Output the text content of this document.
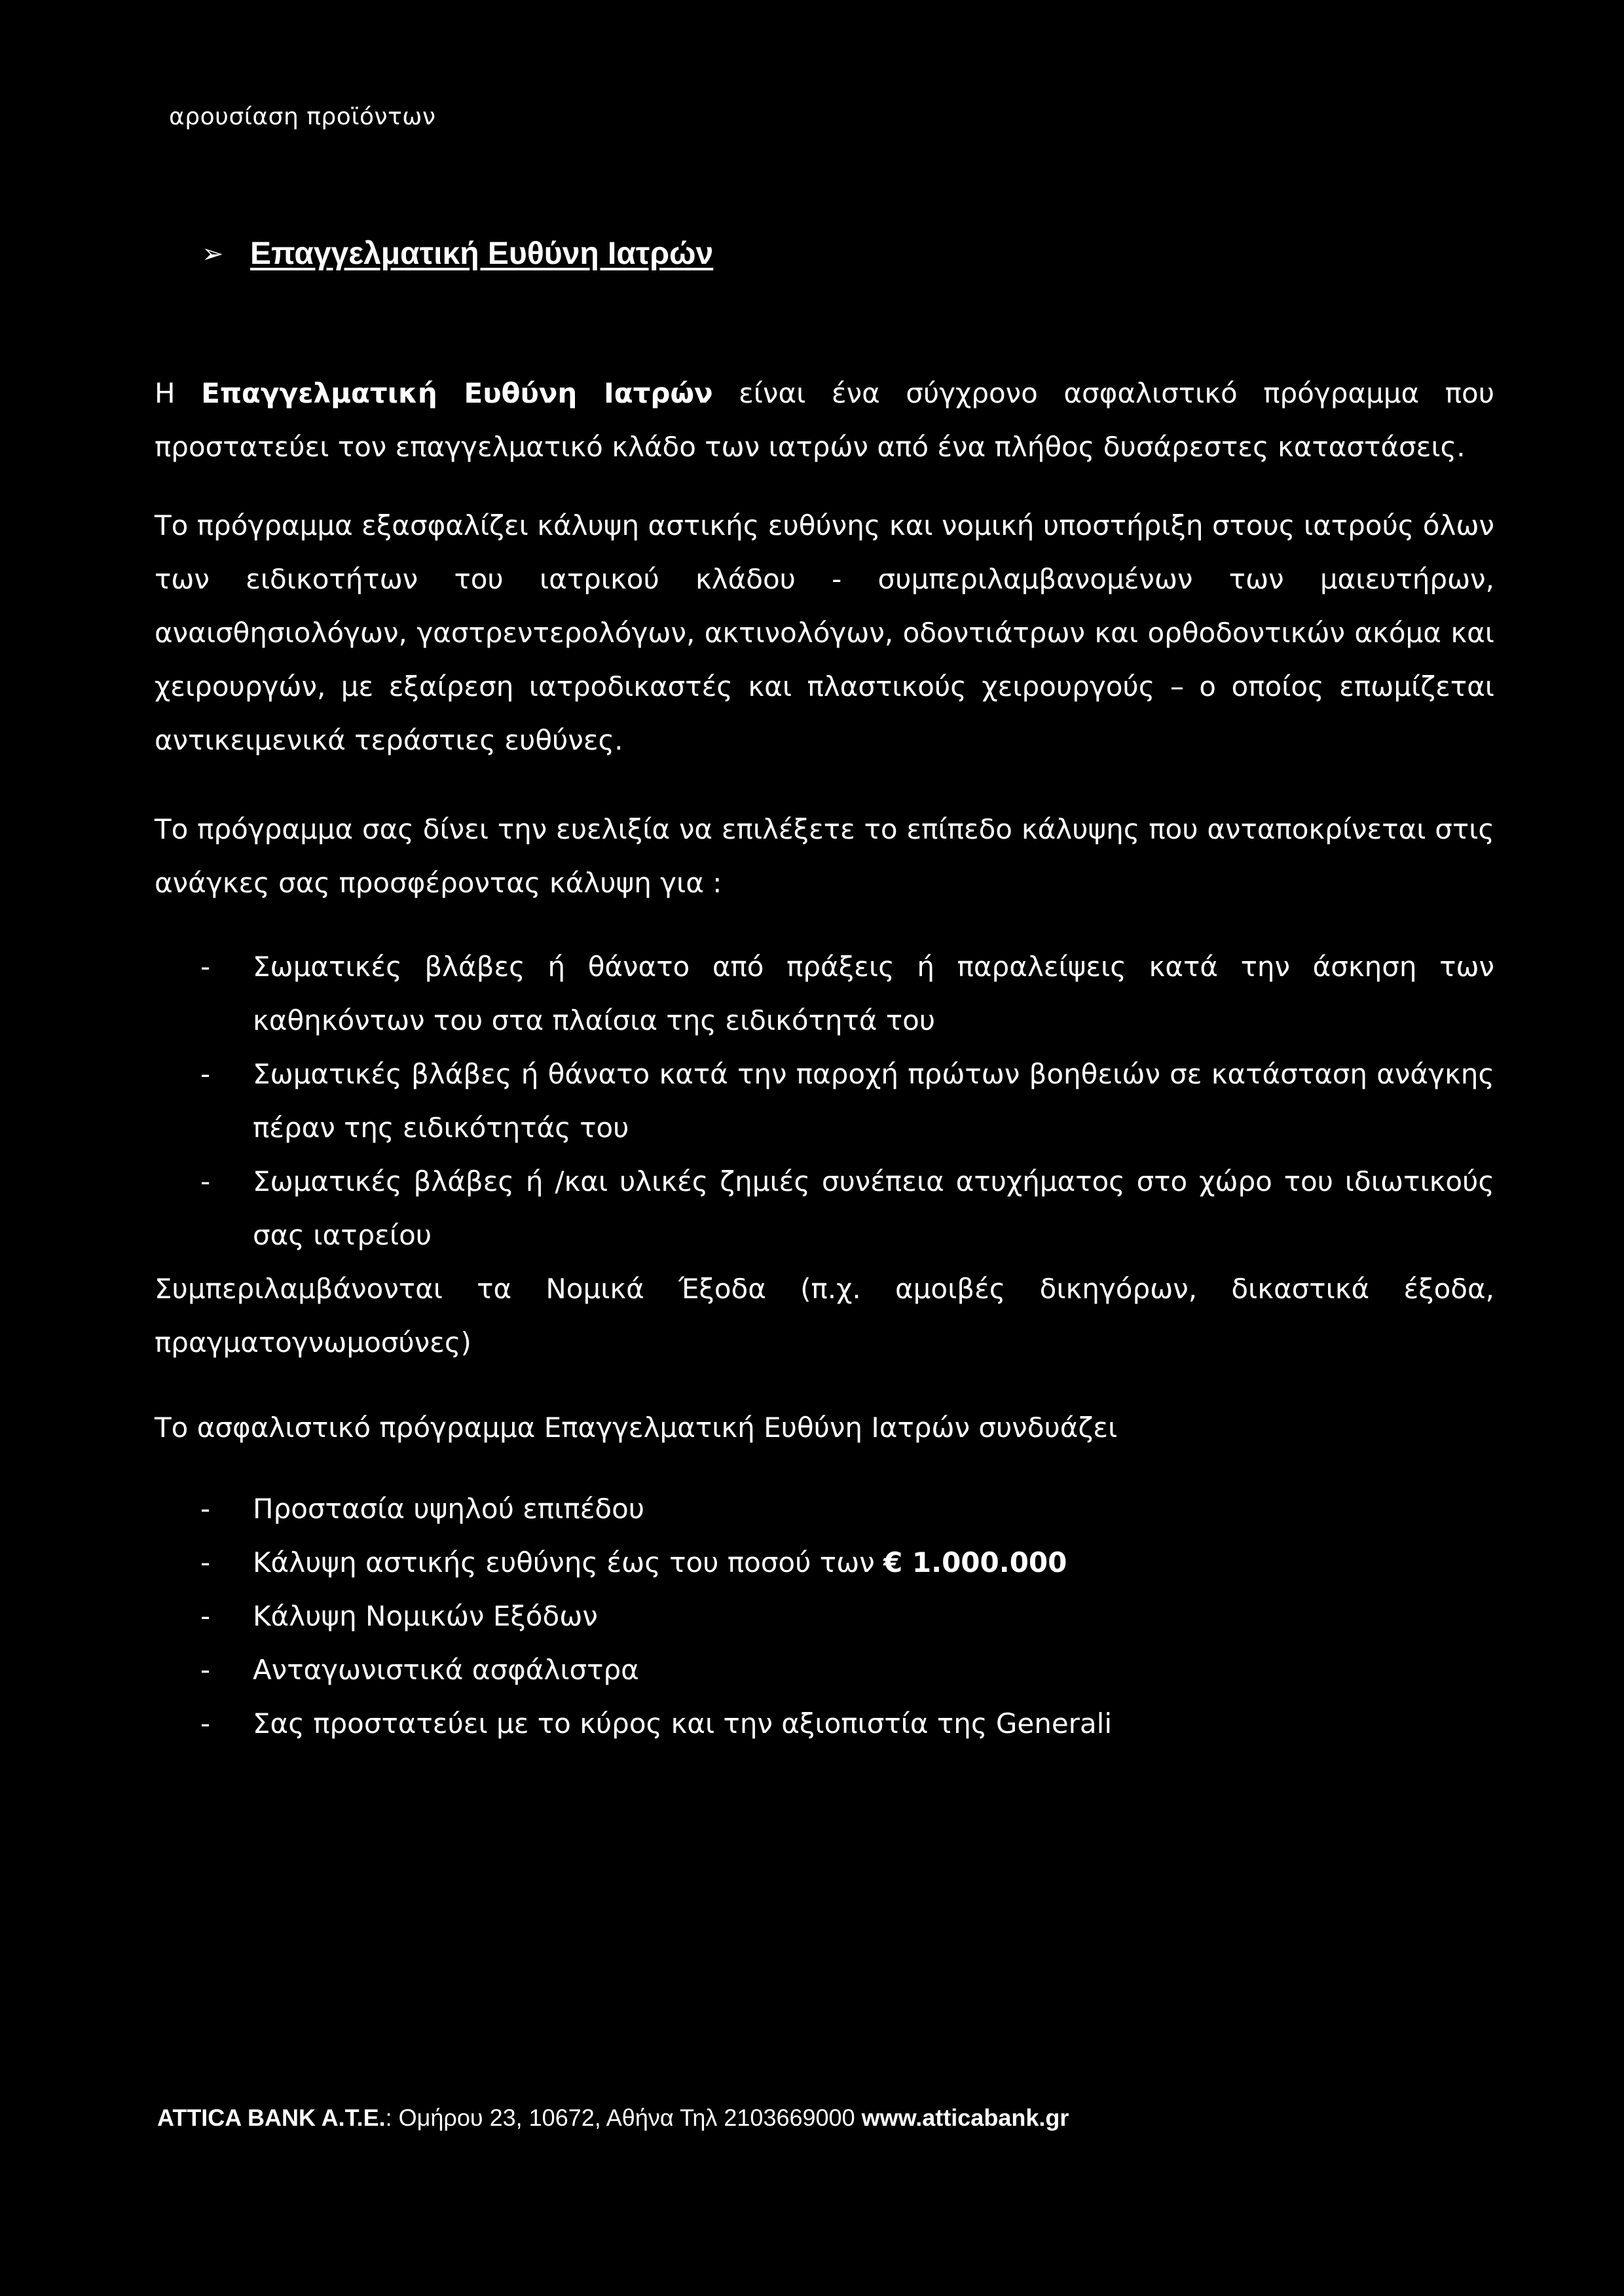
αρουσίαση προϊόντων
➢ Επαγγελματική Ευθύνη Ιατρών

Η Επαγγελματική Ευθύνη Ιατρών είναι ένα σύγχρονο ασφαλιστικό πρόγραμμα που προστατεύει τον επαγγελματικό κλάδο των ιατρών από ένα πλήθος δυσάρεστες καταστάσεις.

Το πρόγραμμα εξασφαλίζει κάλυψη αστικής ευθύνης και νομική υποστήριξη στους ιατρούς όλων των ειδικοτήτων του ιατρικού κλάδου - συμπεριλαμβανομένων των μαιευτήρων, αναισθησιολόγων, γαστρεντερολόγων, ακτινολόγων, οδοντιάτρων και ορθοδοντικών ακόμα και χειρουργών, με εξαίρεση ιατροδικαστές και πλαστικούς χειρουργούς – ο οποίος επωμίζεται αντικειμενικά τεράστιες ευθύνες.

Το πρόγραμμα σας δίνει την ευελιξία να επιλέξετε το επίπεδο κάλυψης που ανταποκρίνεται στις ανάγκες σας προσφέροντας κάλυψη για :

-	Σωματικές βλάβες ή θάνατο από πράξεις ή παραλείψεις κατά την άσκηση των καθηκόντων του στα πλαίσια της ειδικότητά του
-	Σωματικές βλάβες ή θάνατο κατά την παροχή πρώτων βοηθειών σε κατάσταση ανάγκης πέραν της ειδικότητάς του
-	Σωματικές βλάβες ή /και υλικές ζημιές συνέπεια ατυχήματος στο χώρο του ιδιωτικούς σας ιατρείου
Συμπεριλαμβάνονται τα Νομικά Έξοδα (π.χ. αμοιβές δικηγόρων, δικαστικά έξοδα, πραγματογνωμοσύνες)
Το ασφαλιστικό πρόγραμμα Επαγγελματική Ευθύνη Ιατρών συνδυάζει
-	Προστασία υψηλού επιπέδου
-	Κάλυψη αστικής ευθύνης έως του ποσού των € 1.000.000
-	Κάλυψη Νομικών Εξόδων
-	Ανταγωνιστικά ασφάλιστρα
-	Σας προστατεύει με το κύρος και την αξιοπιστία της Generali
ATTICA BANK A.T.E.: Ομήρου 23, 10672, Αθήνα Τηλ 2103669000 www.atticabank.gr
